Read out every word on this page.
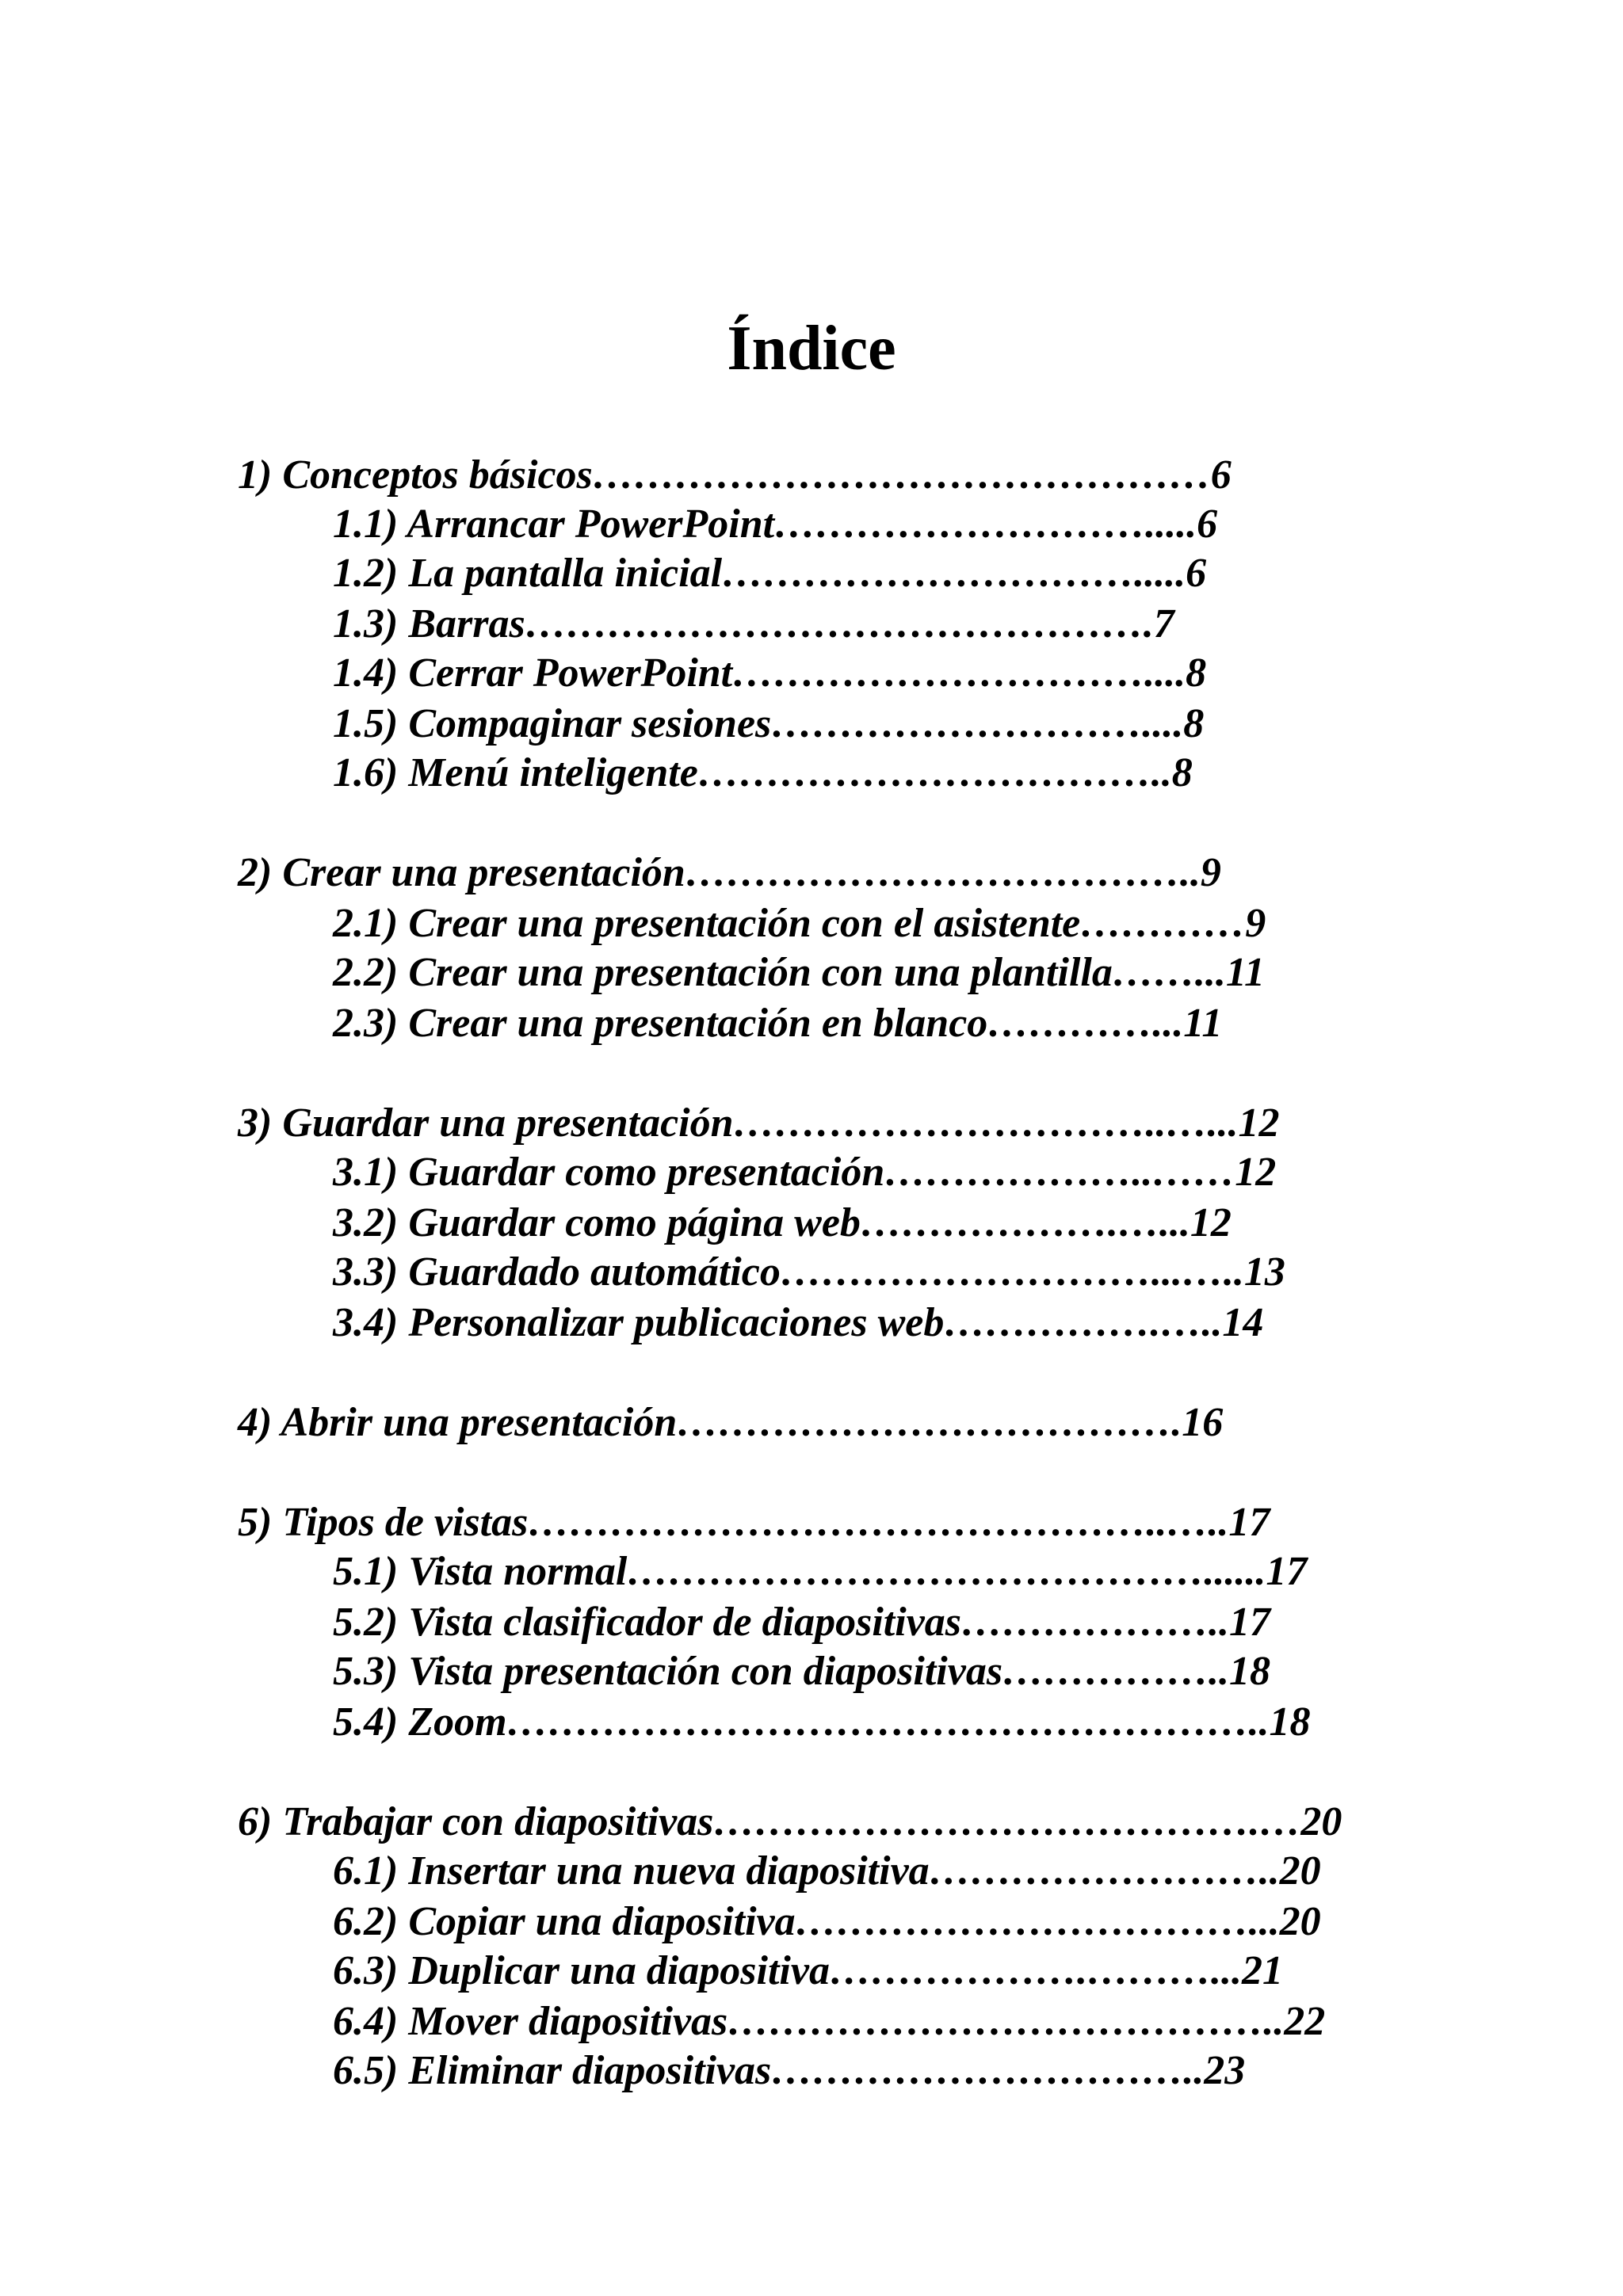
Índice
1) Conceptos básicos………………………………………6
1.1) Arrancar PowerPoint……………………….....6
1.2) La pantalla inicial………………………….....6
1.3) Barras……………………………………….7
1.4) Cerrar PowerPoint…………………………....8
1.5) Compaginar sesiones………………………....8
1.6) Menú inteligente……………………………..8
2) Crear una presentación………………………………..9
2.1) Crear una presentación con el asistente…………9
2.2) Crear una presentación con una plantilla……...11
2.3) Crear una presentación en blanco…………...11
3) Guardar una presentación…………………………..…...12
3.1) Guardar como presentación………………..……12
3.2) Guardar como página web……………….…...12
3.3) Guardado automático………………………...…..13
3.4) Personalizar publicaciones web…………….…..14
4) Abrir una presentación……………………………….16
5) Tipos de vistas………………………………………..…..17
5.1) Vista normal……………………………………......17
5.2) Vista clasificador de diapositivas………………..17
5.3) Vista presentación con diapositivas……………..18
5.4) Zoom………………………………………………..18
6) Trabajar con diapositivas………………………………….…20
6.1) Insertar una nueva diapositiva……………………..20
6.2) Copiar una diapositiva……………………………...20
6.3) Duplicar una diapositiva……………….………...21
6.4) Mover diapositivas…………………………………..22
6.5) Eliminar diapositivas…………………………..23
